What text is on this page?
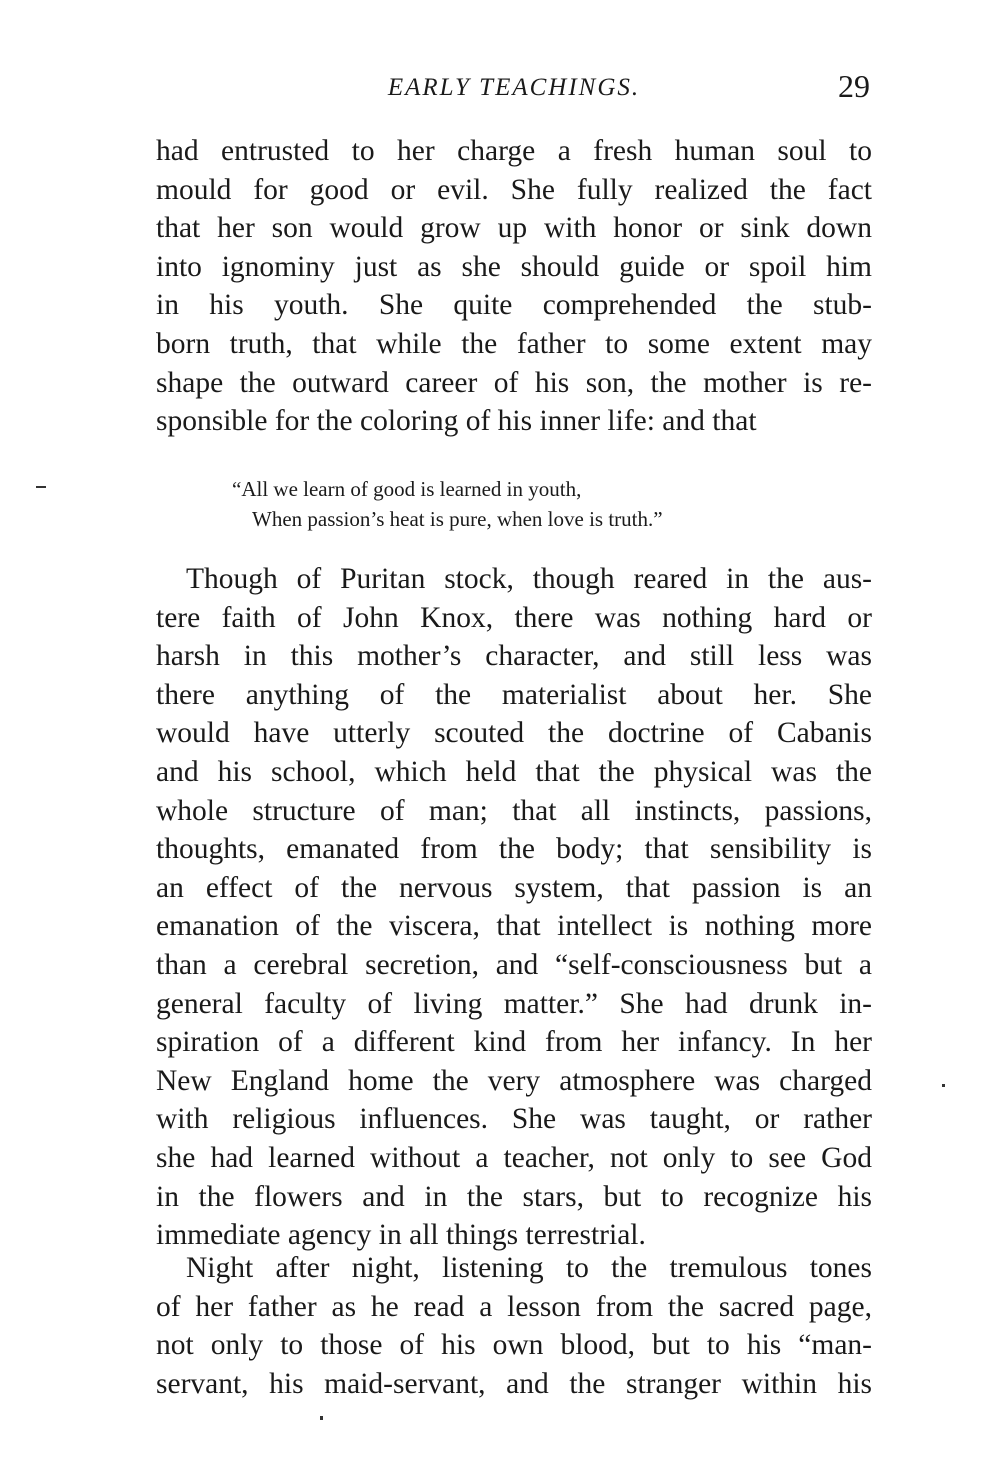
EARLY TEACHINGS.	29
had entrusted to her charge a fresh human soul to
mould for good or evil. She fully realized the fact
that her son would grow up with honor or sink down
into ignominy just as she should guide or spoil him
in his youth. She quite comprehended the stub-
born truth, that while the father to some extent may
shape the outward career of his son, the mother is re-
sponsible for the coloring of his inner life: and that
“All we learn of good is learned in youth,
When passion’s heat is pure, when love is truth.”
Though of Puritan stock, though reared in the aus-
tere faith of John Knox, there was nothing hard or
harsh in this mother’s character, and still less was
there anything of the materialist about her. She
would have utterly scouted the doctrine of Cabanis
and his school, which held that the physical was the
whole structure of man; that all instincts, passions,
thoughts, emanated from the body; that sensibility is
an effect of the nervous system, that passion is an
emanation of the viscera, that intellect is nothing more
than a cerebral secretion, and “self-consciousness but a
general faculty of living matter.” She had drunk in-
spiration of a different kind from her infancy. In her
New England home the very atmosphere was charged
with religious influences. She was taught, or rather
she had learned without a teacher, not only to see God
in the flowers and in the stars, but to recognize his
immediate agency in all things terrestrial.
Night after night, listening to the tremulous tones
of her father as he read a lesson from the sacred page,
not only to those of his own blood, but to his “man-
servant, his maid-servant, and the stranger within his
